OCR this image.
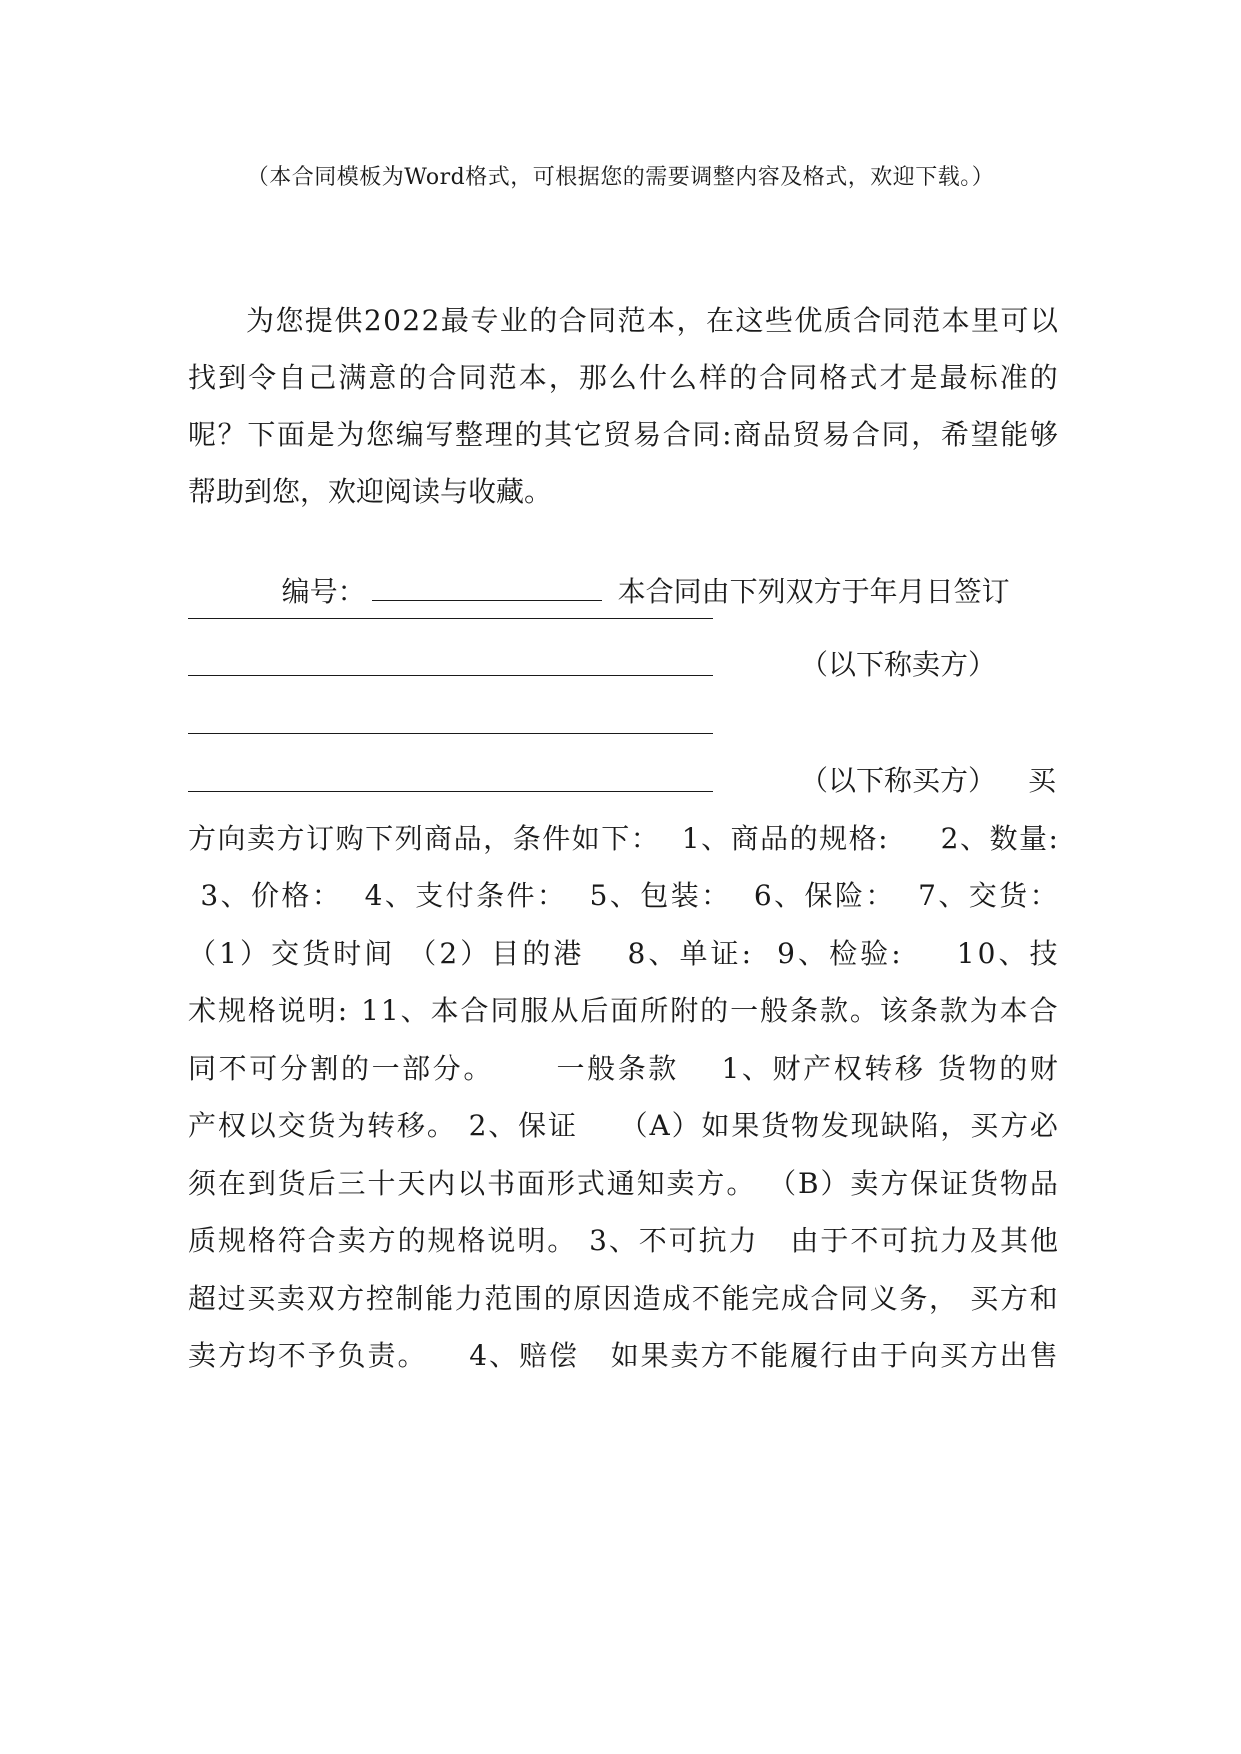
（本合同模板为Word格式，可根据您的需要调整内容及格式，欢迎下载。）
为 您 提 供 2 0 2 2 最 专 业 的 合 同 范 本 ， 在 这 些 优 质 合 同 范 本 里 可 以
找 到 令 自 己 满 意 的 合 同 范 本 ， 那 么 什 么 样 的 合 同 格 式 才 是 最 标 准 的
呢 ？ 下 面 是 为 您 编 写 整 理 的 其 它 贸 易 合 同 : 商 品 贸 易 合 同 ， 希 望 能 够
帮助到您，欢迎阅读与收藏。

编号：	本合同由下列双方于年月日签订

（以下称卖方）
（以下称买方） 买
方 向 卖 方 订 购 下 列 商 品 ， 条 件 如 下 ： 1 、 商 品 的 规 格 : 2 、 数 量 :
3 、 价 格 ： 4 、 支 付 条 件 ： 5 、 包 装 ： 6 、 保 险 ： 7 、 交 货 ：
（ 1 ） 交 货 时 间 （ 2 ） 目 的 港 8 、 单 证 : 9 、 检 验 : 1 0 、 技
术 规 格 说 明 : 1 1 、 本 合 同 服 从 后 面 所 附 的 一 般 条 款 。 该 条 款 为 本 合
同 不 可 分 割 的 一 部 分 。 一 般 条 款 1 、 财 产 权 转 移 货 物 的 财
产 权 以 交 货 为 转 移 。 2 、 保 证 （ A ） 如 果 货 物 发 现 缺 陷 ， 买 方 必
须 在 到 货 后 三 十 天 内 以 书 面 形 式 通 知 卖 方 。 （ B ） 卖 方 保 证 货 物 品
质 规 格 符 合 卖 方 的 规 格 说 明 。 3 、 不 可 抗 力 由 于 不 可 抗 力 及 其 他
超 过 买 卖 双 方 控 制 能 力 范 围 的 原 因 造 成 不 能 完 成 合 同 义 务 ， 买 方 和
卖 方 均 不 予 负 责 。 4 、 赔 偿 如 果 卖 方 不 能 履 行 由 于 向 买 方 出 售
